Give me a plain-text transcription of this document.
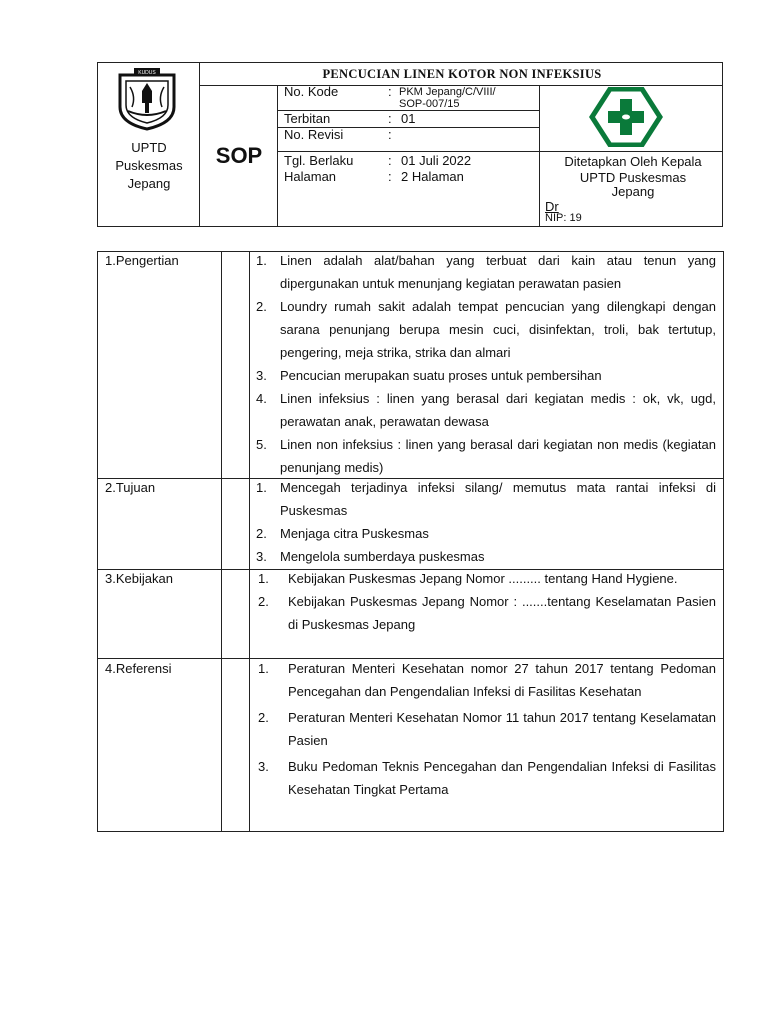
KUDUS
UPTD
Puskesmas
Jepang
PENCUCIAN LINEN KOTOR NON INFEKSIUS
SOP
No. Kode	: PKM Jepang/C/VIII/
SOP-007/15
Terbitan	: 01
No. Revisi	:
Tgl. Berlaku	: 01 Juli 2022
Halaman	: 2 Halaman
Ditetapkan Oleh Kepala
UPTD Puskesmas
Jepang
Dr
NIP: 19
1.Pengertian	1. Linen adalah alat/bahan yang terbuat dari kain atau tenun yang dipergunakan untuk menunjang kegiatan perawatan pasien
2. Loundry rumah sakit adalah tempat pencucian yang dilengkapi dengan sarana penunjang berupa mesin cuci, disinfektan, troli, bak tertutup, pengering, meja strika, strika dan almari
3. Pencucian merupakan suatu proses untuk pembersihan
4. Linen infeksius : linen yang berasal dari kegiatan medis : ok, vk, ugd, perawatan anak, perawatan dewasa
5. Linen non infeksius : linen yang berasal dari kegiatan non medis (kegiatan penunjang medis)
2.Tujuan	1. Mencegah terjadinya infeksi silang/ memutus mata rantai infeksi di Puskesmas
2. Menjaga citra Puskesmas
3. Mengelola sumberdaya puskesmas
3.Kebijakan	1. Kebijakan Puskesmas Jepang Nomor ......... tentang Hand Hygiene.
2. Kebijakan Puskesmas Jepang Nomor : .......tentang Keselamatan Pasien di Puskesmas Jepang
4.Referensi	1. Peraturan Menteri Kesehatan nomor 27 tahun 2017 tentang Pedoman Pencegahan dan Pengendalian Infeksi di Fasilitas Kesehatan
2. Peraturan Menteri Kesehatan Nomor 11 tahun 2017 tentang Keselamatan Pasien
3. Buku Pedoman Teknis Pencegahan dan Pengendalian Infeksi di Fasilitas Kesehatan Tingkat Pertama
